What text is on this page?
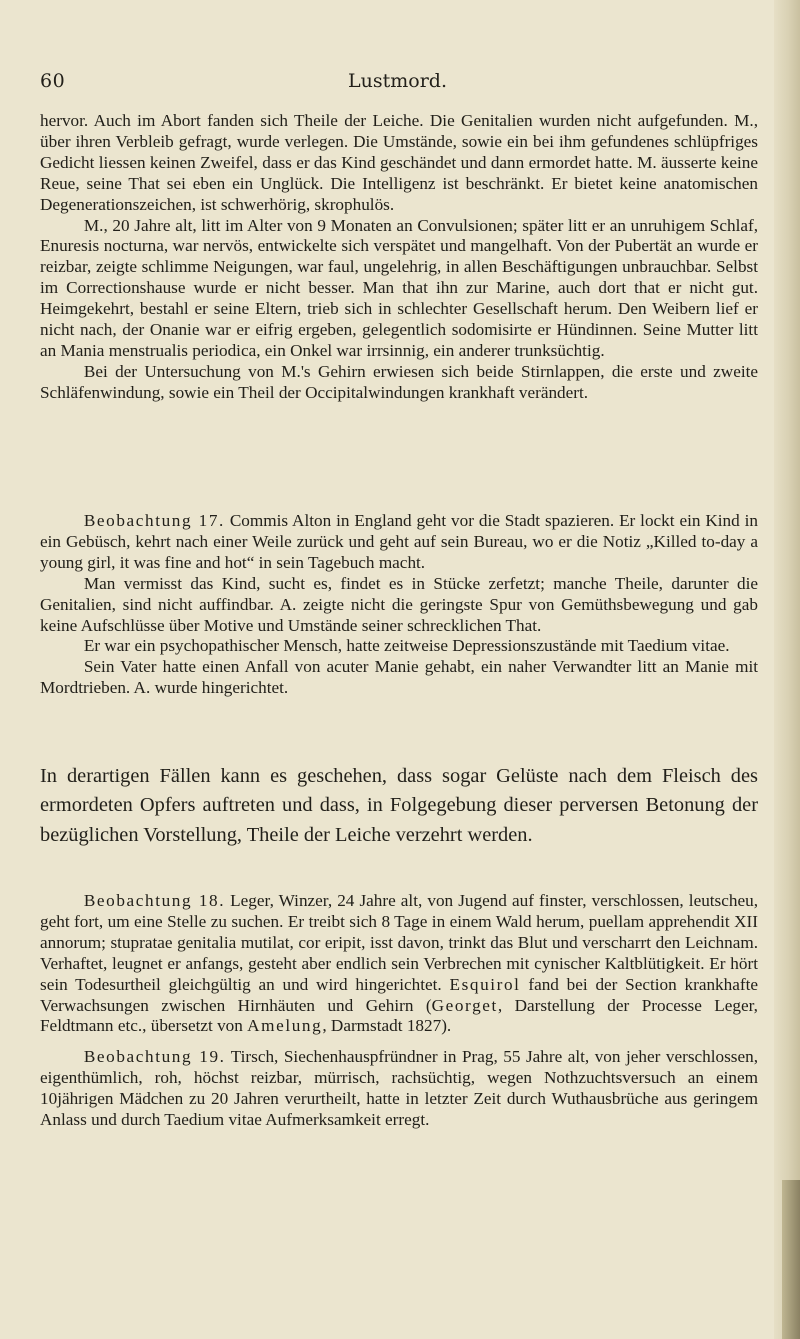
60	Lustmord.

hervor. Auch im Abort fanden sich Theile der Leiche. Die Genitalien wurden nicht aufgefunden. M., über ihren Verbleib gefragt, wurde verlegen. Die Umstände, sowie ein bei ihm gefundenes schlüpfriges Gedicht liessen keinen Zweifel, dass er das Kind geschändet und dann ermordet hatte. M. äusserte keine Reue, seine That sei eben ein Unglück. Die Intelligenz ist beschränkt. Er bietet keine anatomischen Degenerationszeichen, ist schwerhörig, skrophulös.

M., 20 Jahre alt, litt im Alter von 9 Monaten an Convulsionen; später litt er an unruhigem Schlaf, Enuresis nocturna, war nervös, entwickelte sich verspätet und mangelhaft. Von der Pubertät an wurde er reizbar, zeigte schlimme Neigungen, war faul, ungelehrig, in allen Beschäftigungen unbrauchbar. Selbst im Correctionshause wurde er nicht besser. Man that ihn zur Marine, auch dort that er nicht gut. Heimgekehrt, bestahl er seine Eltern, trieb sich in schlechter Gesellschaft herum. Den Weibern lief er nicht nach, der Onanie war er eifrig ergeben, gelegentlich sodomisirte er Hündinnen. Seine Mutter litt an Mania menstrualis periodica, ein Onkel war irrsinnig, ein anderer trunksüchtig.

Bei der Untersuchung von M.'s Gehirn erwiesen sich beide Stirnlappen, die erste und zweite Schläfenwindung, sowie ein Theil der Occipitalwindungen krankhaft verändert.

Beobachtung 17. Commis Alton in England geht vor die Stadt spazieren. Er lockt ein Kind in ein Gebüsch, kehrt nach einer Weile zurück und geht auf sein Bureau, wo er die Notiz „Killed to-day a young girl, it was fine and hot“ in sein Tagebuch macht.

Man vermisst das Kind, sucht es, findet es in Stücke zerfetzt; manche Theile, darunter die Genitalien, sind nicht auffindbar. A. zeigte nicht die geringste Spur von Gemüthsbewegung und gab keine Aufschlüsse über Motive und Umstände seiner schrecklichen That.

Er war ein psychopathischer Mensch, hatte zeitweise Depressionszustände mit Taedium vitae.

Sein Vater hatte einen Anfall von acuter Manie gehabt, ein naher Verwandter litt an Manie mit Mordtrieben. A. wurde hingerichtet.

In derartigen Fällen kann es geschehen, dass sogar Gelüste nach dem Fleisch des ermordeten Opfers auftreten und dass, in Folgegebung dieser perversen Betonung der bezüglichen Vorstellung, Theile der Leiche verzehrt werden.

Beobachtung 18. Leger, Winzer, 24 Jahre alt, von Jugend auf finster, verschlossen, leutscheu, geht fort, um eine Stelle zu suchen. Er treibt sich 8 Tage in einem Wald herum, puellam apprehendit XII annorum; stupratae genitalia mutilat, cor eripit, isst davon, trinkt das Blut und verscharrt den Leichnam. Verhaftet, leugnet er anfangs, gesteht aber endlich sein Verbrechen mit cynischer Kaltblütigkeit. Er hört sein Todesurtheil gleichgültig an und wird hingerichtet. Esquirol fand bei der Section krankhafte Verwachsungen zwischen Hirnhäuten und Gehirn (Georget, Darstellung der Processe Leger, Feldtmann etc., übersetzt von Amelung, Darmstadt 1827).

Beobachtung 19. Tirsch, Siechenhauspfründner in Prag, 55 Jahre alt, von jeher verschlossen, eigenthümlich, roh, höchst reizbar, mürrisch, rachsüchtig, wegen Nothzuchtsversuch an einem 10jährigen Mädchen zu 20 Jahren verurtheilt, hatte in letzter Zeit durch Wuthausbrüche aus geringem Anlass und durch Taedium vitae Aufmerksamkeit erregt.
